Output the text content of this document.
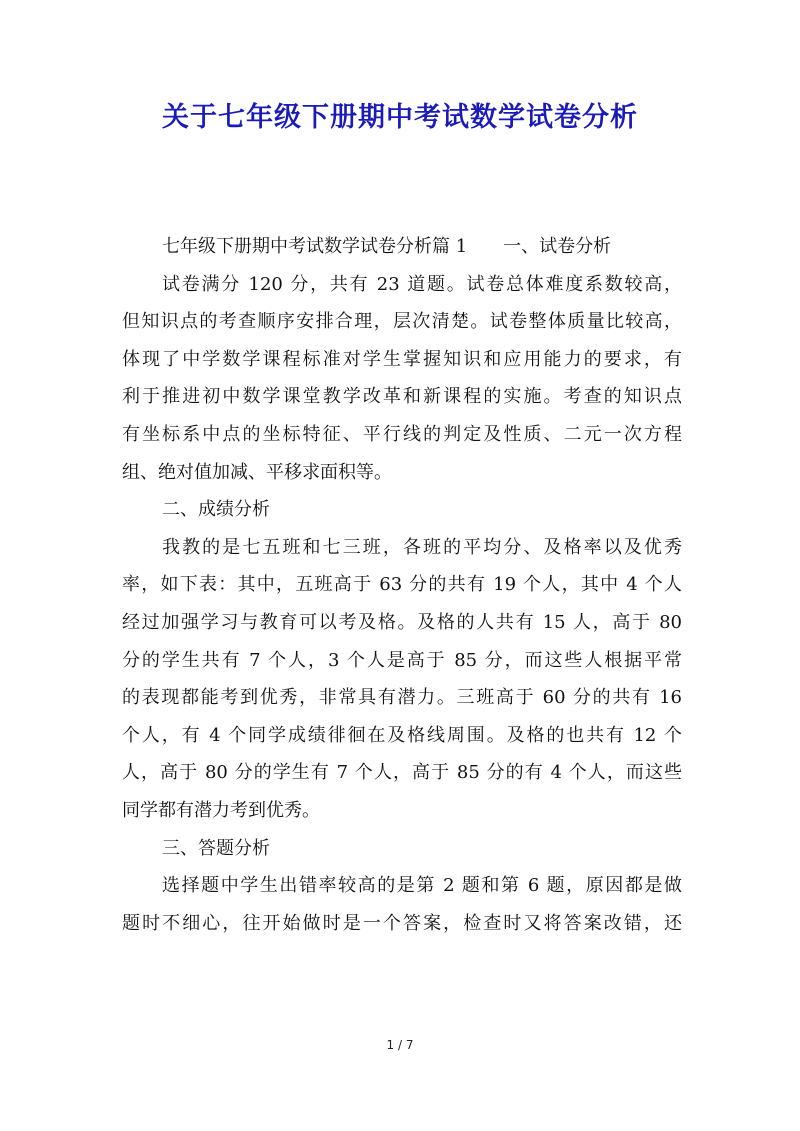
关于七年级下册期中考试数学试卷分析
七年级下册期中考试数学试卷分析篇 1　　一、试卷分析
试卷满分 120 分，共有 23 道题。试卷总体难度系数较高，
但知识点的考查顺序安排合理，层次清楚。试卷整体质量比较高，
体现了中学数学课程标准对学生掌握知识和应用能力的要求，有
利于推进初中数学课堂教学改革和新课程的实施。考查的知识点
有坐标系中点的坐标特征、平行线的判定及性质、二元一次方程
组、绝对值加减、平移求面积等。
二、成绩分析
我教的是七五班和七三班，各班的平均分、及格率以及优秀
率，如下表：其中，五班高于 63 分的共有 19 个人，其中 4 个人
经过加强学习与教育可以考及格。及格的人共有 15 人，高于 80
分的学生共有 7 个人，3 个人是高于 85 分，而这些人根据平常
的表现都能考到优秀，非常具有潜力。三班高于 60 分的共有 16
个人，有 4 个同学成绩徘徊在及格线周围。及格的也共有 12 个
人，高于 80 分的学生有 7 个人，高于 85 分的有 4 个人，而这些
同学都有潜力考到优秀。
三、答题分析
选择题中学生出错率较高的是第 2 题和第 6 题，原因都是做
题时不细心，往开始做时是一个答案，检查时又将答案改错，还
1 / 7
